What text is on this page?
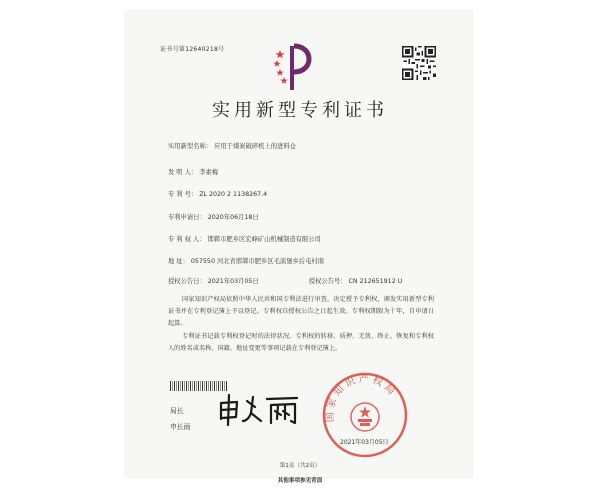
证书号第12640218号
实用新型专利证书
实用新型名称： 应用于煤炭破碎机上的进料仓
发 明 人： 李素梅
专 利 号： ZL 2020 2 1138267.4
专利申请日： 2020年06月18日
专 利 权 人： 邯郸市肥乡区宏峰矿山机械制造有限公司
地 址： 057550 河北省邯郸市肥乡区毛演堡乡后屯村南
授权公告日： 2021年03月05日	授权公告号： CN 212651912 U
国家知识产权局依照中华人民共和国专利法进行审查，决定授予专利权，颁发实用新型专利证书并在专利登记簿上予以登记。专利权自授权公告之日起生效。专利权期限为十年，自申请日起算。
专利证书记载专利权登记时的法律状况。专利权的转移、质押、无效、终止、恢复和专利权人的姓名或名称、国籍、地址变更等事项记载在专利登记簿上。
局长
申长雨
国家知识产权局
2021年03月05日
第1页（共2页）
其他事项参见背面
